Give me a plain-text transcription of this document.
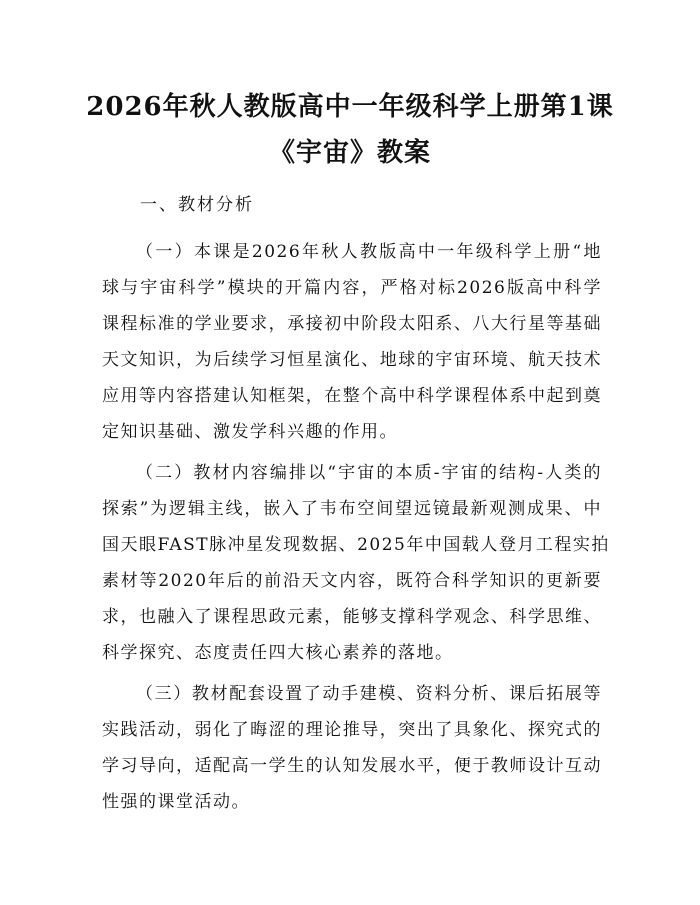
2026年秋人教版高中一年级科学上册第1课
《宇宙》教案
一、教材分析
（一）本课是2026年秋人教版高中一年级科学上册“地
球与宇宙科学”模块的开篇内容，严格对标2026版高中科学
课程标准的学业要求，承接初中阶段太阳系、八大行星等基础
天文知识，为后续学习恒星演化、地球的宇宙环境、航天技术
应用等内容搭建认知框架，在整个高中科学课程体系中起到奠
定知识基础、激发学科兴趣的作用。
（二）教材内容编排以“宇宙的本质-宇宙的结构-人类的
探索”为逻辑主线，嵌入了韦布空间望远镜最新观测成果、中
国天眼FAST脉冲星发现数据、2025年中国载人登月工程实拍
素材等2020年后的前沿天文内容，既符合科学知识的更新要
求，也融入了课程思政元素，能够支撑科学观念、科学思维、
科学探究、态度责任四大核心素养的落地。
（三）教材配套设置了动手建模、资料分析、课后拓展等
实践活动，弱化了晦涩的理论推导，突出了具象化、探究式的
学习导向，适配高一学生的认知发展水平，便于教师设计互动
性强的课堂活动。
